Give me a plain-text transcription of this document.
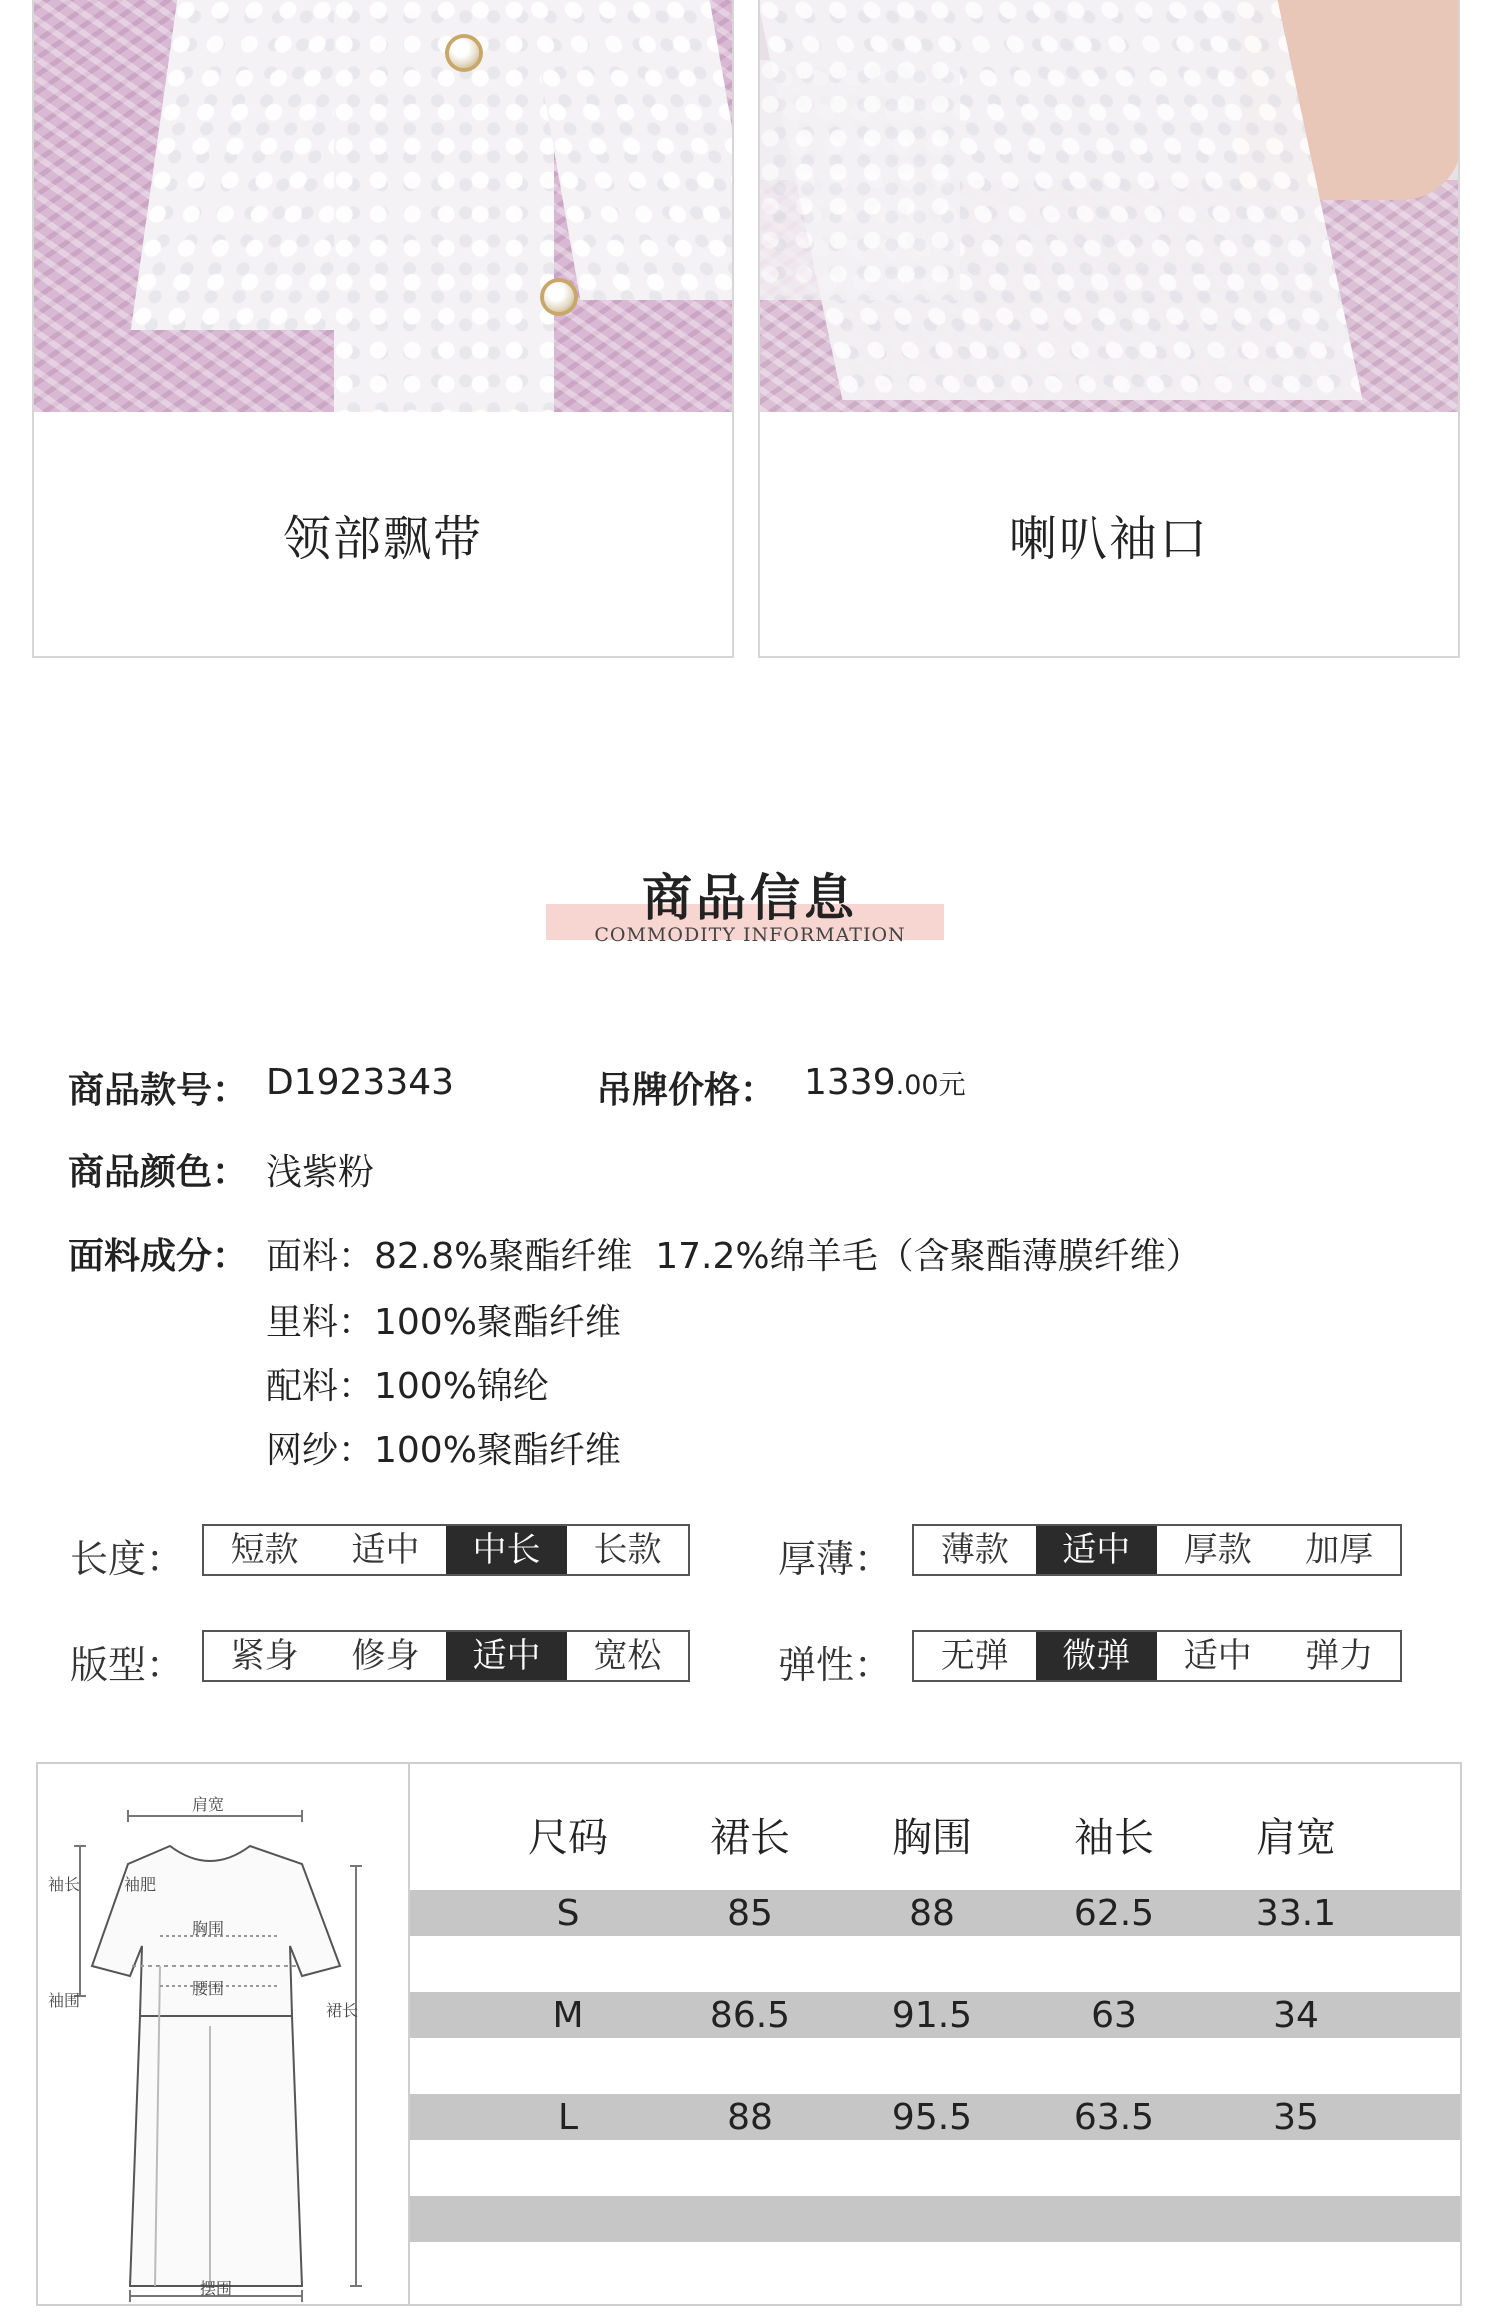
领部飘带	喇叭袖口
商品信息
COMMODITY INFORMATION
商品款号： D1923343	吊牌价格： 1339.00元
商品颜色： 浅紫粉
面料成分： 面料：82.8%聚酯纤维  17.2%绵羊毛（含聚酯薄膜纤维）
里料：100%聚酯纤维
配料：100%锦纶
网纱：100%聚酯纤维
长度：	短款	适中	中长	长款	厚薄：	薄款	适中	厚款	加厚
版型：	紧身	修身	适中	宽松	弹性：	无弹	微弹	适中	弹力
肩宽
袖长	袖肥
胸围
腰围
袖围
裙长
摆围
尺码	裙长	胸围	袖长	肩宽
S	85	88	62.5	33.1
M	86.5	91.5	63	34
L	88	95.5	63.5	35
